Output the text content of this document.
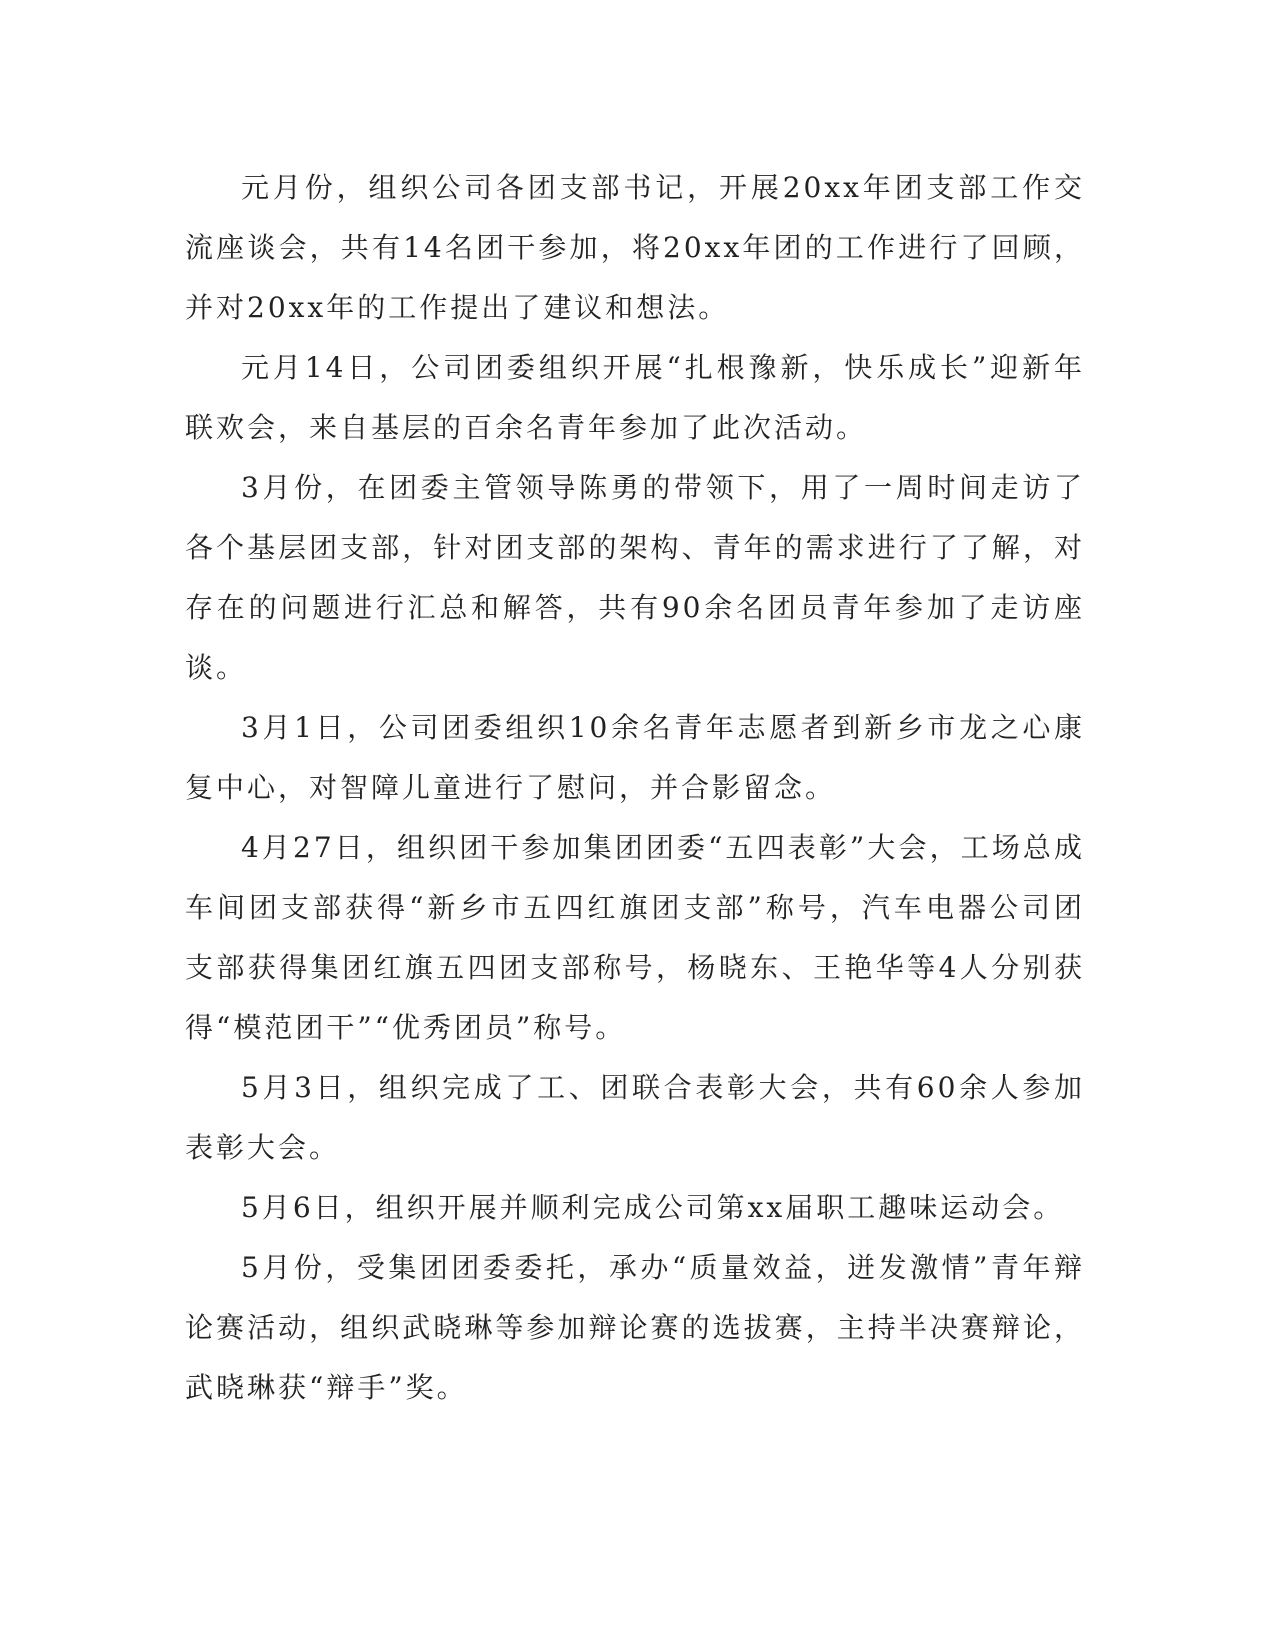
元月份，组织公司各团支部书记，开展20xx年团支部工作交流座谈会，共有14名团干参加，将20xx年团的工作进行了回顾，并对20xx年的工作提出了建议和想法。

元月14日，公司团委组织开展“扎根豫新，快乐成长”迎新年联欢会，来自基层的百余名青年参加了此次活动。

3月份，在团委主管领导陈勇的带领下，用了一周时间走访了各个基层团支部，针对团支部的架构、青年的需求进行了了解，对存在的问题进行汇总和解答，共有90余名团员青年参加了走访座谈。

3月1日，公司团委组织10余名青年志愿者到新乡市龙之心康复中心，对智障儿童进行了慰问，并合影留念。

4月27日，组织团干参加集团团委“五四表彰”大会，工场总成车间团支部获得“新乡市五四红旗团支部”称号，汽车电器公司团支部获得集团红旗五四团支部称号，杨晓东、王艳华等4人分别获得“模范团干”“优秀团员”称号。

5月3日，组织完成了工、团联合表彰大会，共有60余人参加表彰大会。

5月6日，组织开展并顺利完成公司第xx届职工趣味运动会。

5月份，受集团团委委托，承办“质量效益，迸发激情”青年辩论赛活动，组织武晓琳等参加辩论赛的选拔赛，主持半决赛辩论，武晓琳获“辩手”奖。
